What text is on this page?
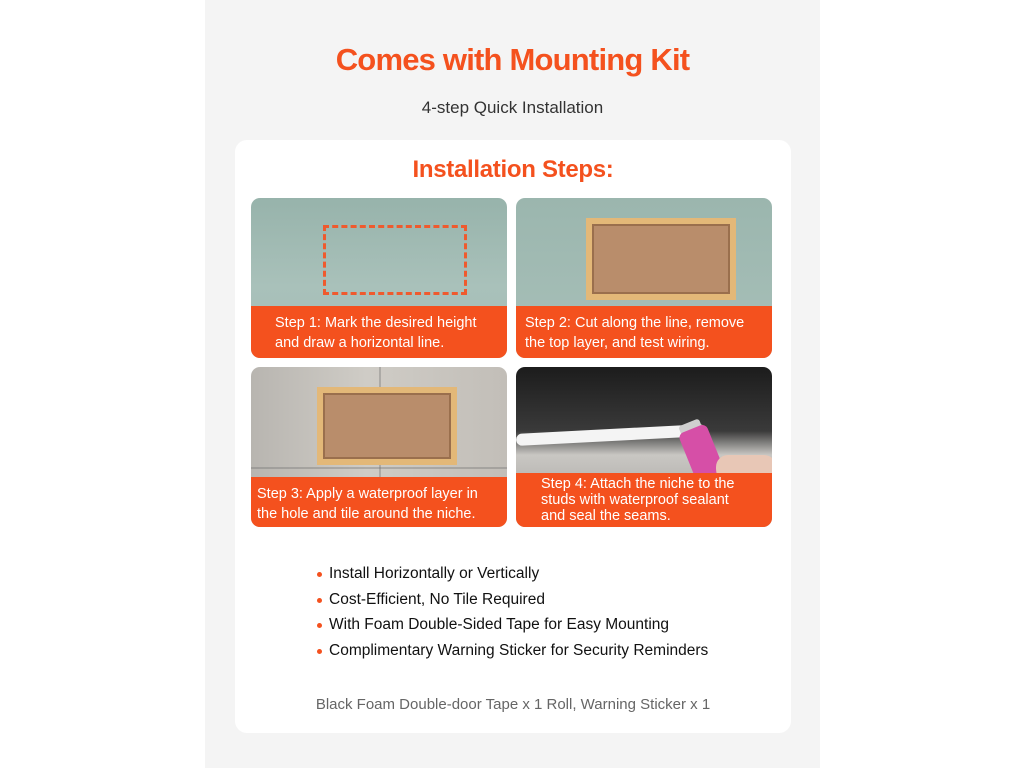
Comes with Mounting Kit

4-step Quick Installation

Installation Steps:
Step 1: Mark the desired height
and draw a horizontal line.
Step 2: Cut along the line, remove
the top layer, and test wiring.
Step 3: Apply a waterproof layer in
the hole and tile around the niche.
Step 4: Attach the niche to the
studs with waterproof sealant
and seal the seams.
Install Horizontally or Vertically
Cost-Efficient, No Tile Required
With Foam Double-Sided Tape for Easy Mounting
Complimentary Warning Sticker for Security Reminders

Black Foam Double-door Tape x 1 Roll, Warning Sticker x 1
